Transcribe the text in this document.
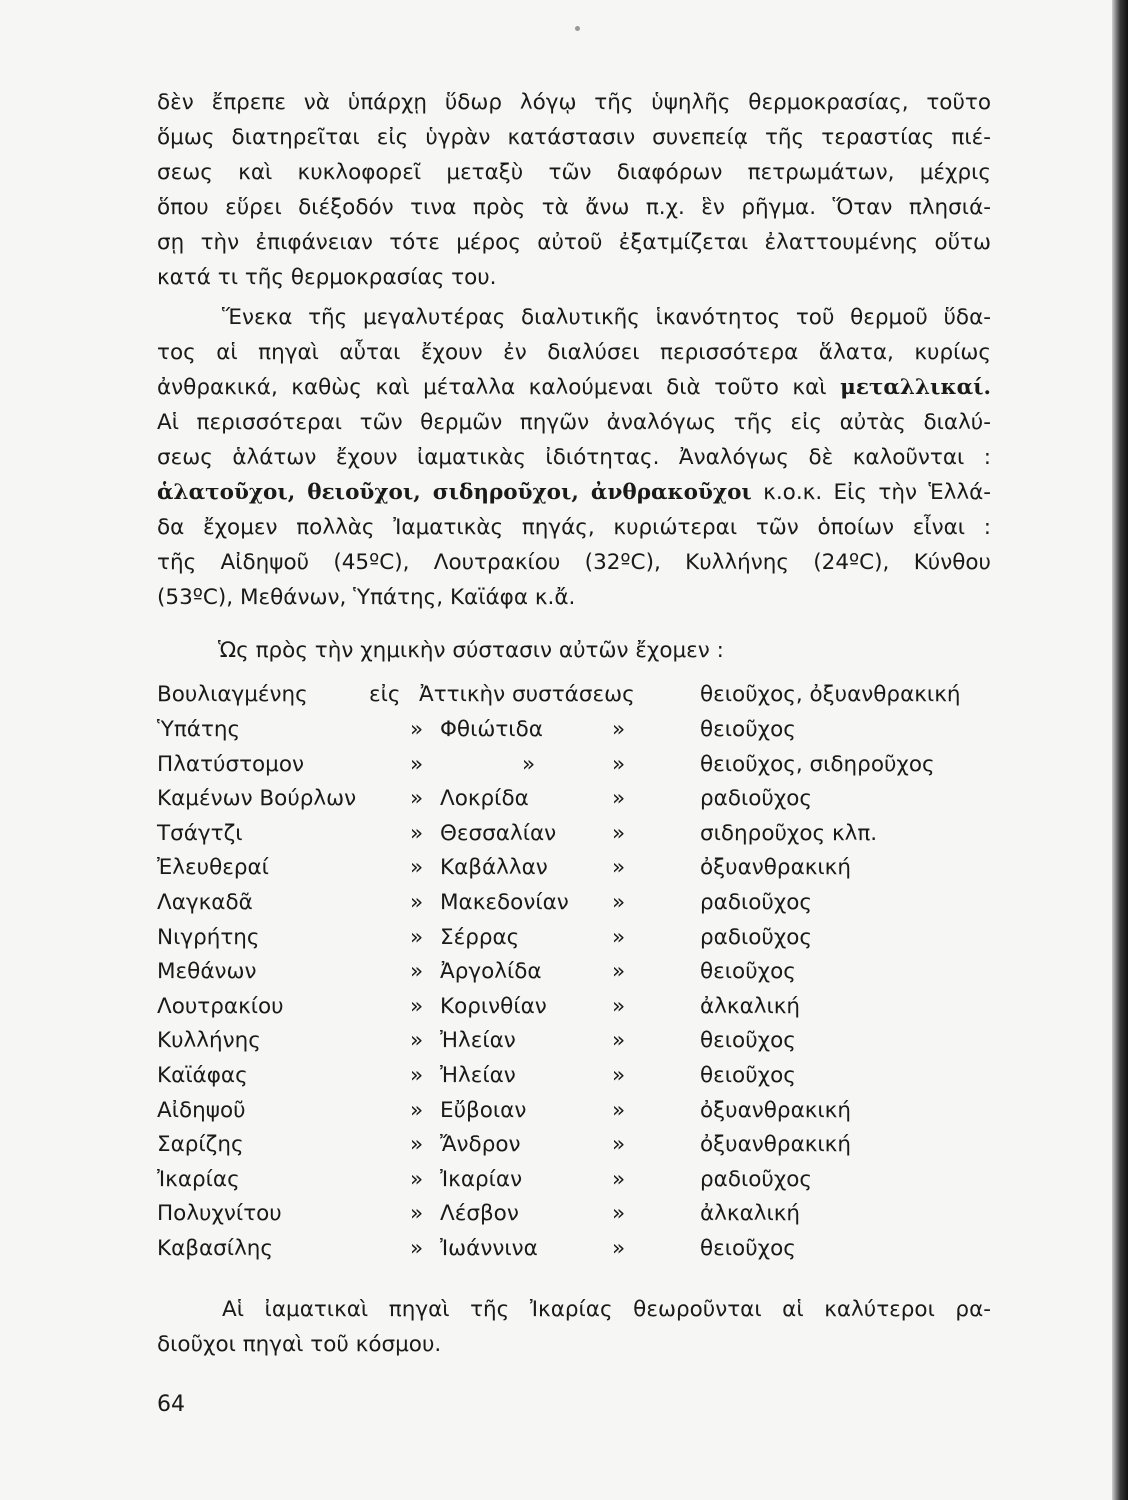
δὲν ἔπρεπε νὰ ὑπάρχῃ ὕδωρ λόγῳ τῆς ὑψηλῆς θερμοκρασίας, τοῦτο
ὅμως διατηρεῖται εἰς ὑγρὰν κατάστασιν συνεπείᾳ τῆς τεραστίας πιέ-
σεως καὶ κυκλοφορεῖ μεταξὺ τῶν διαφόρων πετρωμάτων, μέχρις
ὅπου εὕρει διέξοδόν τινα πρὸς τὰ ἄνω π.χ. ἓν ρῆγμα. Ὅταν πλησιά-
σῃ τὴν ἐπιφάνειαν τότε μέρος αὐτοῦ ἐξατμίζεται ἐλαττουμένης οὕτω
κατά τι τῆς θερμοκρασίας του.
Ἕνεκα τῆς μεγαλυτέρας διαλυτικῆς ἱκανότητος τοῦ θερμοῦ ὕδα-
τος αἱ πηγαὶ αὗται ἔχουν ἐν διαλύσει περισσότερα ἅλατα, κυρίως
ἀνθρακικά, καθὼς καὶ μέταλλα καλούμεναι διὰ τοῦτο καὶ μεταλλικαί.
Αἱ περισσότεραι τῶν θερμῶν πηγῶν ἀναλόγως τῆς εἰς αὐτὰς διαλύ-
σεως ἁλάτων ἔχουν ἰαματικὰς ἰδιότητας. Ἀναλόγως δὲ καλοῦνται :
ἁλατοῦχοι, θειοῦχοι, σιδηροῦχοι, ἀνθρακοῦχοι κ.ο.κ. Εἰς τὴν Ἑλλά-
δα ἔχομεν πολλὰς Ἰαματικὰς πηγάς, κυριώτεραι τῶν ὁποίων εἶναι :
τῆς Αἰδηψοῦ (45ºC), Λουτρακίου (32ºC), Κυλλήνης (24ºC), Κύνθου
(53ºC), Μεθάνων, Ὑπάτης, Καϊάφα κ.ἄ.
Ὡς πρὸς τὴν χημικὴν σύστασιν αὐτῶν ἔχομεν :
Βουλιαγμένης	εἰς Ἀττικὴν συστάσεως	θειοῦχος, ὀξυανθρακική
Ὑπάτης	» Φθιώτιδα	»	θειοῦχος
Πλατύστομον	»	»	»	θειοῦχος, σιδηροῦχος
Καμένων Βούρλων	» Λοκρίδα	»	ραδιοῦχος
Τσάγτζι	» Θεσσαλίαν	»	σιδηροῦχος κλπ.
Ἐλευθεραί	» Καβάλλαν	»	ὀξυανθρακική
Λαγκαδᾶ	» Μακεδονίαν »	ραδιοῦχος
Νιγρήτης	» Σέρρας	»	ραδιοῦχος
Μεθάνων	» Ἀργολίδα	»	θειοῦχος
Λουτρακίου	» Κορινθίαν	»	ἀλκαλική
Κυλλήνης	» Ἠλείαν	»	θειοῦχος
Καϊάφας	» Ἠλείαν	»	θειοῦχος
Αἰδηψοῦ	» Εὔβοιαν	»	ὀξυανθρακική
Σαρίζης	» Ἄνδρον	»	ὀξυανθρακική
Ἰκαρίας	» Ἰκαρίαν	»	ραδιοῦχος
Πολυχνίτου	» Λέσβον	»	ἀλκαλική
Καβασίλης	» Ἰωάννινα	»	θειοῦχος
Αἱ ἰαματικαὶ πηγαὶ τῆς Ἰκαρίας θεωροῦνται αἱ καλύτεροι ρα-
διοῦχοι πηγαὶ τοῦ κόσμου.
64
